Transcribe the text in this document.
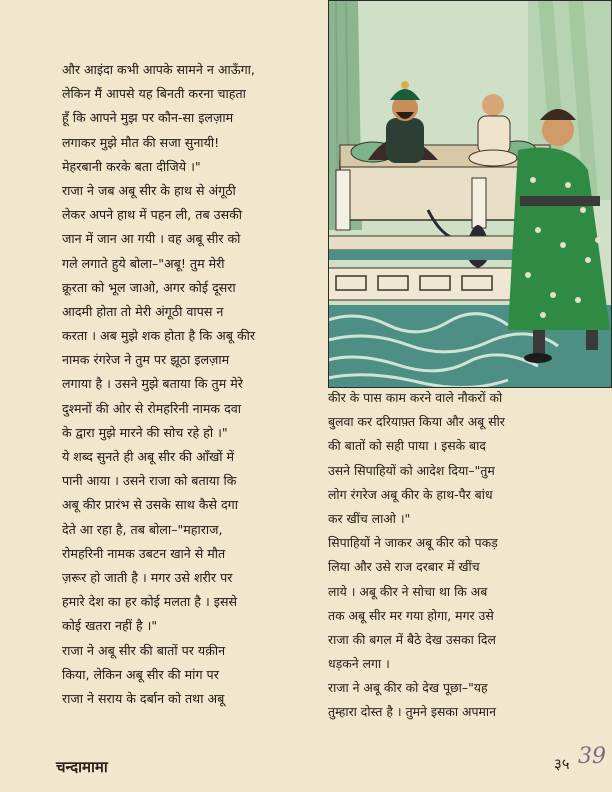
और आइंदा कभी आपके सामने न आऊँगा,

लेकिन मैं आपसे यह बिनती करना चाहता

हूँ कि आपने मुझ पर कौन-सा इलज़ाम

लगाकर मुझे मौत की सजा सुनायी!

मेहरबानी करके बता दीजिये ।"

राजा ने जब अबू सीर के हाथ से अंगूठी

लेकर अपने हाथ में पहन ली, तब उसकी

जान में जान आ गयी । वह अबू सीर को

गले लगाते हुये बोला–"अबू! तुम मेरी

क्रूरता को भूल जाओ, अगर कोई दूसरा

आदमी होता तो मेरी अंगूठी वापस न

करता । अब मुझे शक होता है कि अबू कीर

नामक रंगरेज ने तुम पर झूठा इलज़ाम

लगाया है । उसने मुझे बताया कि तुम मेरे

दुश्मनों की ओर से रोमहरिनी नामक दवा

के द्वारा मुझे मारने की सोच रहे हो ।"

ये शब्द सुनते ही अबू सीर की आँखों में

पानी आया । उसने राजा को बताया कि

अबू कीर प्रारंभ से उसके साथ कैसे दगा

देते आ रहा है, तब बोला–"महाराज,

रोमहरिनी नामक उबटन खाने से मौत

ज़रूर हो जाती है । मगर उसे शरीर पर

हमारे देश का हर कोई मलता है । इससे

कोई खतरा नहीं है ।"

राजा ने अबू सीर की बातों पर यक़ीन

किया, लेकिन अबू सीर की मांग पर

राजा ने सराय के दर्बान को तथा अबू

कीर के पास काम करने वाले नौकरों को

बुलवा कर दरियाफ़्त किया और अबू सीर

की बातों को सही पाया । इसके बाद

उसने सिपाहियों को आदेश दिया–"तुम

लोग रंगरेज अबू कीर के हाथ-पैर बांध

कर खींच लाओ ।"

सिपाहियों ने जाकर अबू कीर को पकड़

लिया और उसे राज दरबार में खींच

लाये । अबू कीर ने सोचा था कि अब

तक अबू सीर मर गया होगा, मगर उसे

राजा की बगल में बैठे देख उसका दिल

धड़कने लगा ।

राजा ने अबू कीर को देख पूछा–"यह

तुम्हारा दोस्त है । तुमने इसका अपमान

चन्दामामा	३५ 39
